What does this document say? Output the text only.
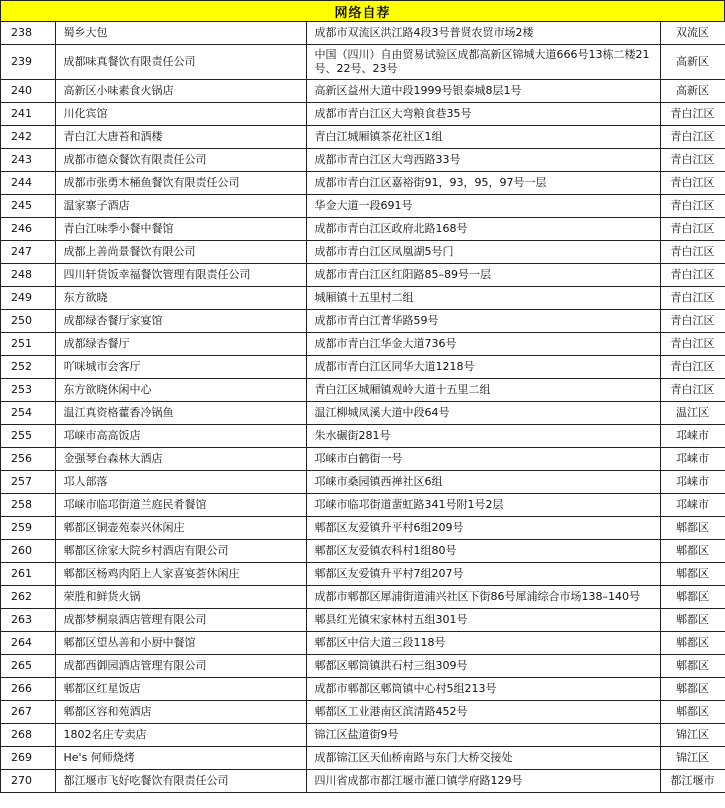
网络自荐
238	蜀乡大包	成都市双流区洪江路4段3号普贤农贸市场2楼	双流区
239	成都味真餐饮有限责任公司	中国（四川）自由贸易试验区成都高新区锦城大道666号13栋二楼21号、22号、23号	高新区
240	高新区小味素食火锅店	高新区益州大道中段1999号银泰城8层1号	高新区
241	川化宾馆	成都市青白江区大弯粮食巷35号	青白江区
242	青白江大唐苔和酒楼	青白江城厢镇茶花社区1组	青白江区
243	成都市德众餐饮有限责任公司	成都市青白江区大弯西路33号	青白江区
244	成都市张勇木桶鱼餐饮有限责任公司	成都市青白江区嘉裕街91，93，95，97号一层	青白江区
245	温家寨子酒店	华金大道一段691号	青白江区
246	青白江味季小餐中餐馆	成都市青白江区政府北路168号	青白江区
247	成都上善尚景餐饮有限公司	成都市青白江区凤凰湖5号门	青白江区
248	四川轩货饭幸福餐饮管理有限责任公司	成都市青白江区红阳路85–89号一层	青白江区
249	东方欲晓	城厢镇十五里村二组	青白江区
250	成都绿杏餐厅家宴馆	成都市青白江菁华路59号	青白江区
251	成都绿杏餐厅	成都市青白江华金大道736号	青白江区
252	吖咪城市会客厅	成都市青白江区同华大道1218号	青白江区
253	东方欲晓休闲中心	青白江区城厢镇观岭大道十五里二组	青白江区
254	温江真资格藿香冷锅鱼	温江柳城凤溪大道中段64号	温江区
255	邛崃市高高饭店	朱水碾街281号	邛崃市
256	金强琴台森林大酒店	邛崃市白鹤街一号	邛崃市
257	邛人部落	邛崃市桑园镇西禅社区6组	邛崃市
258	邛崃市临邛街道兰庭民肴餐馆	邛崃市临邛街道蜚虹路341号附1号2层	邛崃市
259	郫都区铜壶苑泰兴休闲庄	郫都区友爱镇升平村6组209号	郫都区
260	郫都区徐家大院乡村酒店有限公司	郫都区友爱镇农科村1组80号	郫都区
261	郫都区杨鸡肉陌上人家喜宴荟休闲庄	郫都区友爱镇升平村7组207号	郫都区
262	荣胜和鲜货火锅	成都市郫都区犀浦街道浦兴社区下街86号犀浦综合市场138–140号	郫都区
263	成都梦桐泉酒店管理有限公司	郫县红光镇宋家林村五组301号	郫都区
264	郫都区望丛善和小厨中餐馆	郫都区中信大道三段118号	郫都区
265	成都西御园酒店管理有限公司	郫都区郫筒镇洪石村三组309号	郫都区
266	郫都区红星饭店	成都市郫都区郫筒镇中心村5组213号	郫都区
267	郫都区容和苑酒店	郫都区工业港南区滨清路452号	郫都区
268	1802名庄专卖店	锦江区盐道街9号	锦江区
269	He's 何师烧烤	成都锦江区天仙桥南路与东门大桥交接处	锦江区
270	都江堰市飞好吃餐饮有限责任公司	四川省成都市都江堰市灌口镇学府路129号	都江堰市
